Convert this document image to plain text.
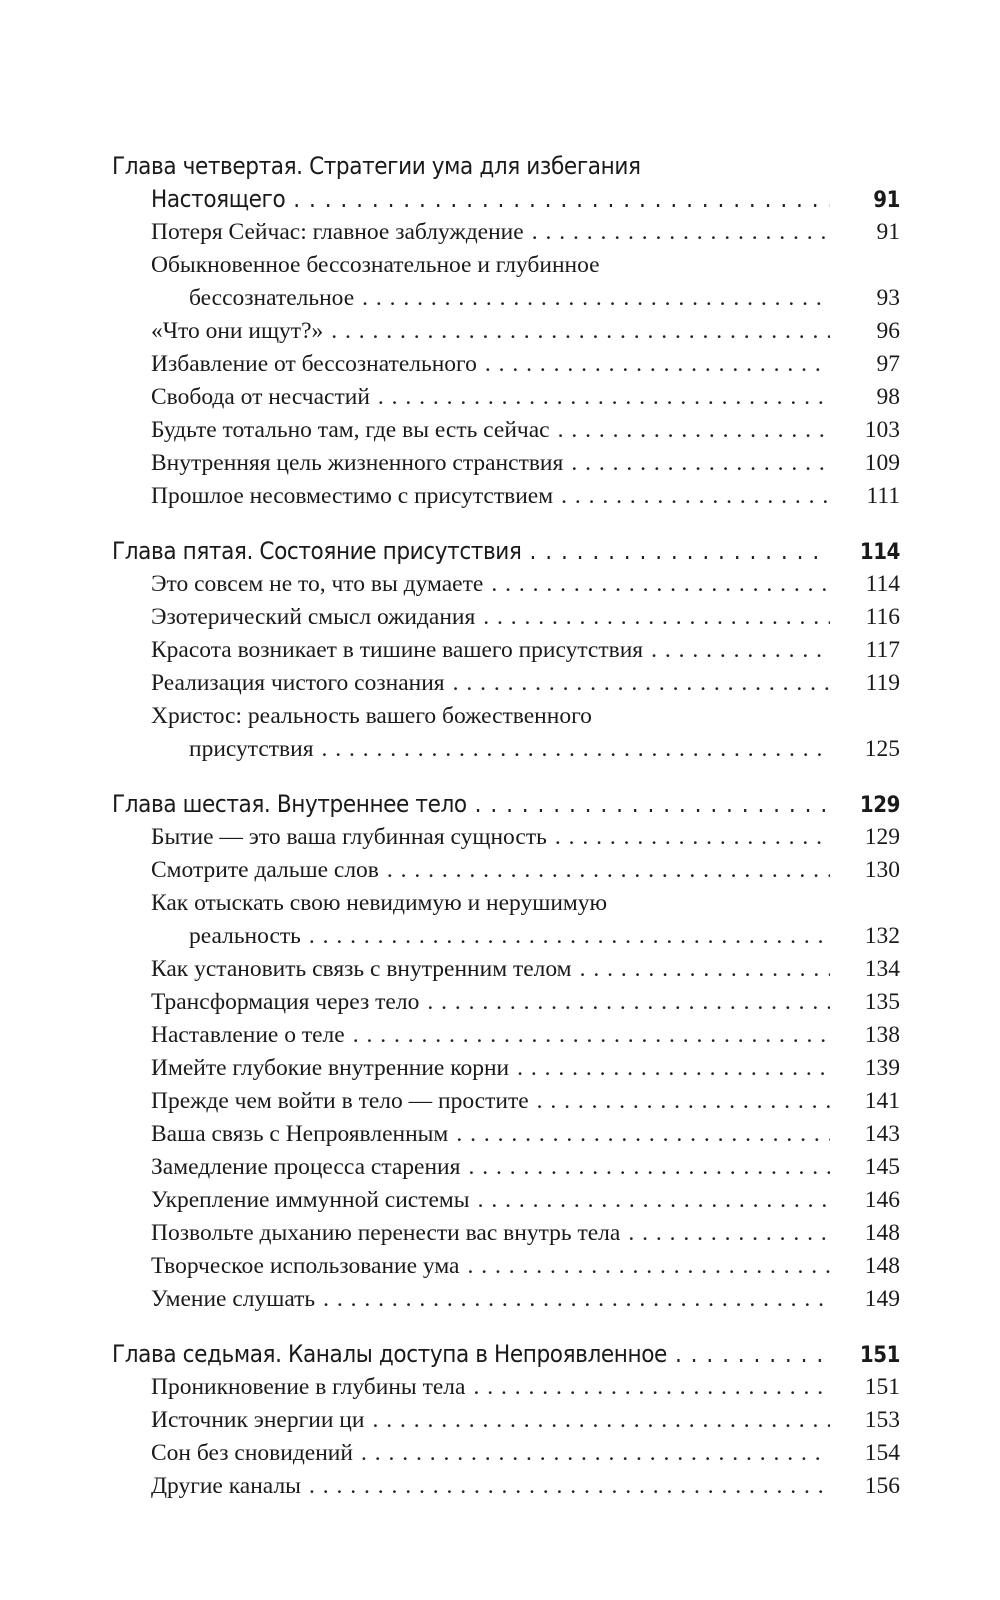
Глава четвертая. Стратегии ума для избегания
Настоящего . . .	91
Потеря Сейчас: главное заблуждение . . .	91
Обыкновенное бессознательное и глубинное
бессознательное . . .	93
«Что они ищут?» . . .	96
Избавление от бессознательного . . .	97
Свобода от несчастий . . .	98
Будьте тотально там, где вы есть сейчас . . .	103
Внутренняя цель жизненного странствия . . .	109
Прошлое несовместимо с присутствием . . .	111
Глава пятая. Состояние присутствия . . .	114
Это совсем не то, что вы думаете . . .	114
Эзотерический смысл ожидания . . .	116
Красота возникает в тишине вашего присутствия . . .	117
Реализация чистого сознания . . .	119
Христос: реальность вашего божественного
присутствия . . .	125
Глава шестая. Внутреннее тело . . .	129
Бытие — это ваша глубинная сущность . . .	129
Смотрите дальше слов . . .	130
Как отыскать свою невидимую и нерушимую
реальность . . .	132
Как установить связь с внутренним телом . . .	134
Трансформация через тело . . .	135
Наставление о теле . . .	138
Имейте глубокие внутренние корни . . .	139
Прежде чем войти в тело — простите . . .	141
Ваша связь с Непроявленным . . .	143
Замедление процесса старения . . .	145
Укрепление иммунной системы . . .	146
Позвольте дыханию перенести вас внутрь тела . . .	148
Творческое использование ума . . .	148
Умение слушать . . .	149
Глава седьмая. Каналы доступа в Непроявленное . . .	151
Проникновение в глубины тела . . .	151
Источник энергии ци . . .	153
Сон без сновидений . . .	154
Другие каналы . . .	156
